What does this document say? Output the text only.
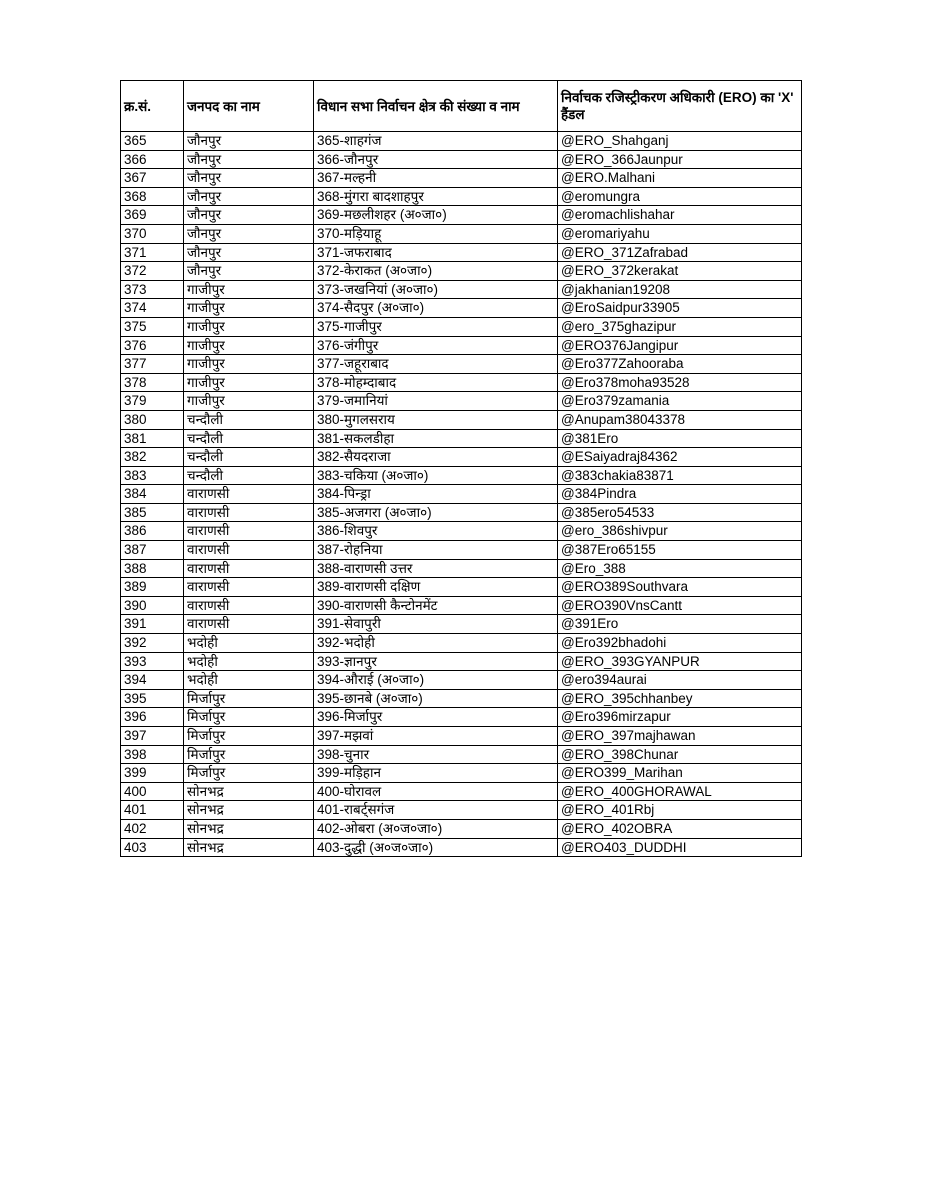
क्र.सं.	जनपद का नाम	विधान सभा निर्वाचन क्षेत्र की संख्या व नाम	निर्वाचक रजिस्ट्रीकरण अधिकारी (ERO) का 'X' हैंडल
365	जौनपुर	365-शाहगंज	@ERO_Shahganj
366	जौनपुर	366-जौनपुर	@ERO_366Jaunpur
367	जौनपुर	367-मल्हनी	@ERO.Malhani
368	जौनपुर	368-मुंगरा बादशाहपुर	@eromungra
369	जौनपुर	369-मछलीशहर (अ०जा०)	@eromachlishahar
370	जौनपुर	370-मड़ियाहू	@eromariyahu
371	जौनपुर	371-जफराबाद	@ERO_371Zafrabad
372	जौनपुर	372-केराकत (अ०जा०)	@ERO_372kerakat
373	गाजीपुर	373-जखनियां (अ०जा०)	@jakhanian19208
374	गाजीपुर	374-सैदपुर (अ०जा०)	@EroSaidpur33905
375	गाजीपुर	375-गाजीपुर	@ero_375ghazipur
376	गाजीपुर	376-जंगीपुर	@ERO376Jangipur
377	गाजीपुर	377-जहूराबाद	@Ero377Zahooraba
378	गाजीपुर	378-मोहम्दाबाद	@Ero378moha93528
379	गाजीपुर	379-जमानियां	@Ero379zamania
380	चन्दौली	380-मुगलसराय	@Anupam38043378
381	चन्दौली	381-सकलडीहा	@381Ero
382	चन्दौली	382-सैयदराजा	@ESaiyadraj84362
383	चन्दौली	383-चकिया (अ०जा०)	@383chakia83871
384	वाराणसी	384-पिन्ड्रा	@384Pindra
385	वाराणसी	385-अजगरा (अ०जा०)	@385ero54533
386	वाराणसी	386-शिवपुर	@ero_386shivpur
387	वाराणसी	387-रोहनिया	@387Ero65155
388	वाराणसी	388-वाराणसी उत्तर	@Ero_388
389	वाराणसी	389-वाराणसी दक्षिण	@ERO389Southvara
390	वाराणसी	390-वाराणसी कैन्टोनमेंट	@ERO390VnsCantt
391	वाराणसी	391-सेवापुरी	@391Ero
392	भदोही	392-भदोही	@Ero392bhadohi
393	भदोही	393-ज्ञानपुर	@ERO_393GYANPUR
394	भदोही	394-औराई (अ०जा०)	@ero394aurai
395	मिर्जापुर	395-छानबे (अ०जा०)	@ERO_395chhanbey
396	मिर्जापुर	396-मिर्जापुर	@Ero396mirzapur
397	मिर्जापुर	397-मझवां	@ERO_397majhawan
398	मिर्जापुर	398-चुनार	@ERO_398Chunar
399	मिर्जापुर	399-मड़िहान	@ERO399_Marihan
400	सोनभद्र	400-घोरावल	@ERO_400GHORAWAL
401	सोनभद्र	401-राबर्ट्सगंज	@ERO_401Rbj
402	सोनभद्र	402-ओबरा (अ०ज०जा०)	@ERO_402OBRA
403	सोनभद्र	403-दुद्धी (अ०ज०जा०)	@ERO403_DUDDHI
